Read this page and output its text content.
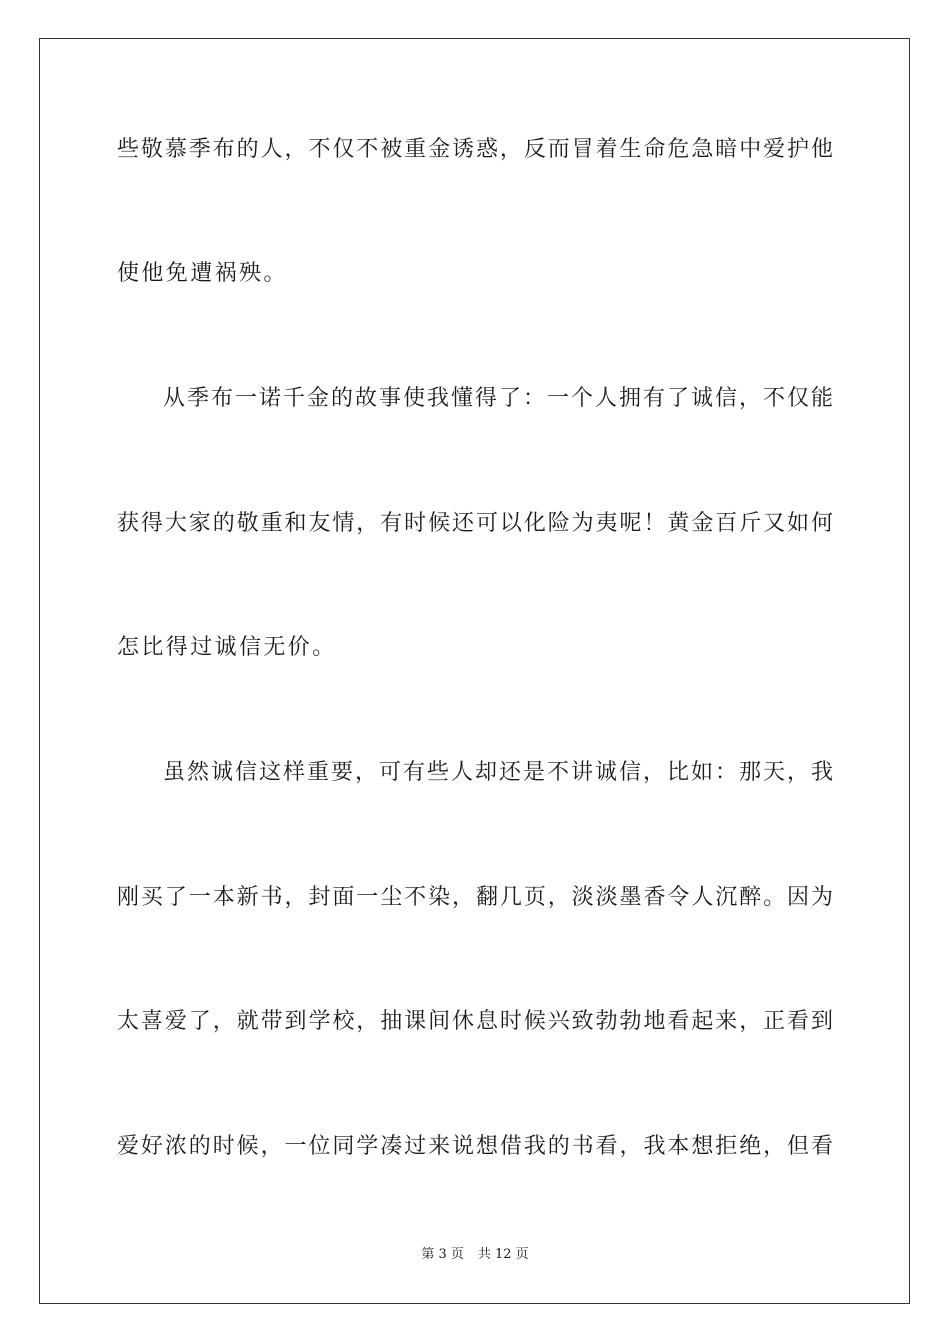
些敬慕季布的人，不仅不被重金诱惑，反而冒着生命危急暗中爱护他
使他免遭祸殃。
从季布一诺千金的故事使我懂得了：一个人拥有了诚信，不仅能
获得大家的敬重和友情，有时候还可以化险为夷呢！黄金百斤又如何
怎比得过诚信无价。
虽然诚信这样重要，可有些人却还是不讲诚信，比如：那天，我
刚买了一本新书，封面一尘不染，翻几页，淡淡墨香令人沉醉。因为
太喜爱了，就带到学校，抽课间休息时候兴致勃勃地看起来，正看到
爱好浓的时候，一位同学凑过来说想借我的书看，我本想拒绝，但看
第 3 页 共 12 页
